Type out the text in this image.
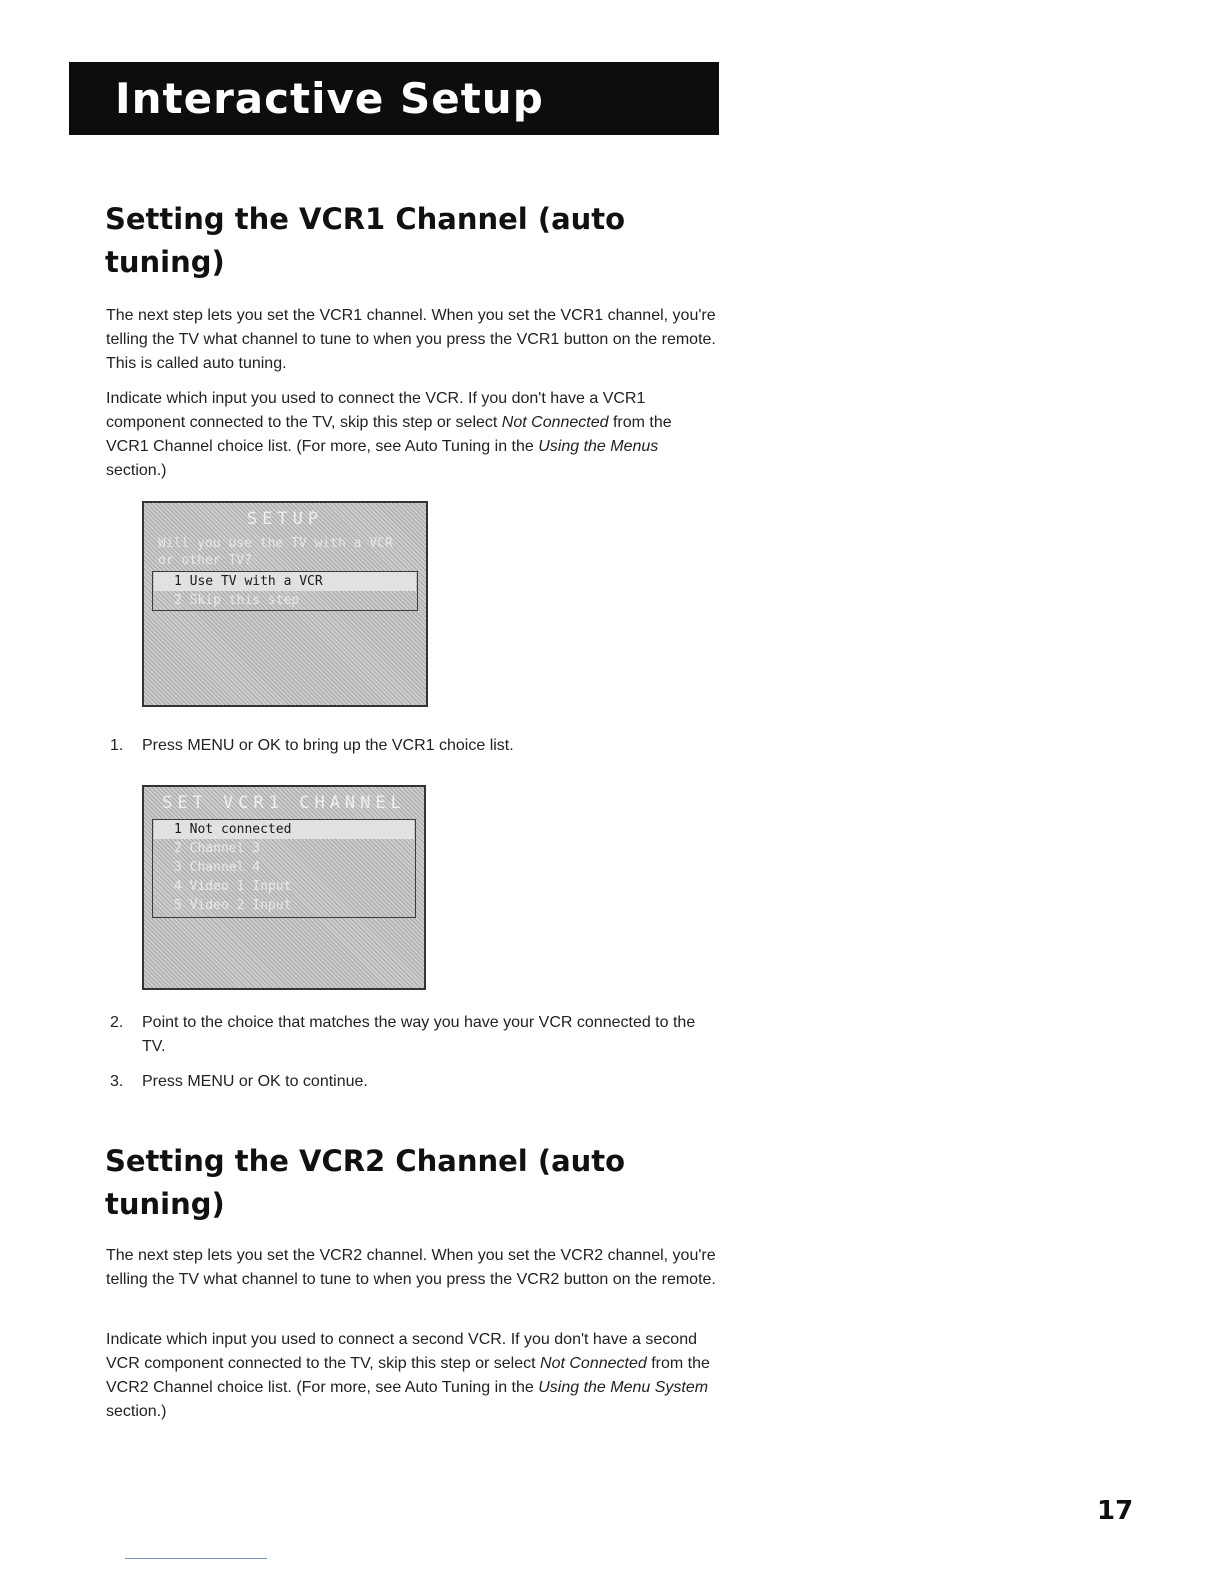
Interactive Setup
Setting the VCR1 Channel (auto tuning)

The next step lets you set the VCR1 channel. When you set the VCR1 channel, you're telling the TV what channel to tune to when you press the VCR1 button on the remote. This is called auto tuning.

Indicate which input you used to connect the VCR. If you don't have a VCR1 component connected to the TV, skip this step or select Not Connected from the VCR1 Channel choice list. (For more, see Auto Tuning in the Using the Menus section.)

SETUP
Will you use the TV with a VCR
or other TV?
1 Use TV with a VCR
2 Skip this step
1. Press MENU or OK to bring up the VCR1 choice list.
SET VCR1 CHANNEL
1 Not connected
2 Channel 3
3 Channel 4
4 Video 1 Input
5 Video 2 Input
2. Point to the choice that matches the way you have your VCR connected to the TV.
3. Press MENU or OK to continue.
Setting the VCR2 Channel (auto tuning)

The next step lets you set the VCR2 channel. When you set the VCR2 channel, you're telling the TV what channel to tune to when you press the VCR2 button on the remote.

Indicate which input you used to connect a second VCR. If you don't have a second VCR component connected to the TV, skip this step or select Not Connected from the VCR2 Channel choice list. (For more, see Auto Tuning in the Using the Menu System section.)

17
